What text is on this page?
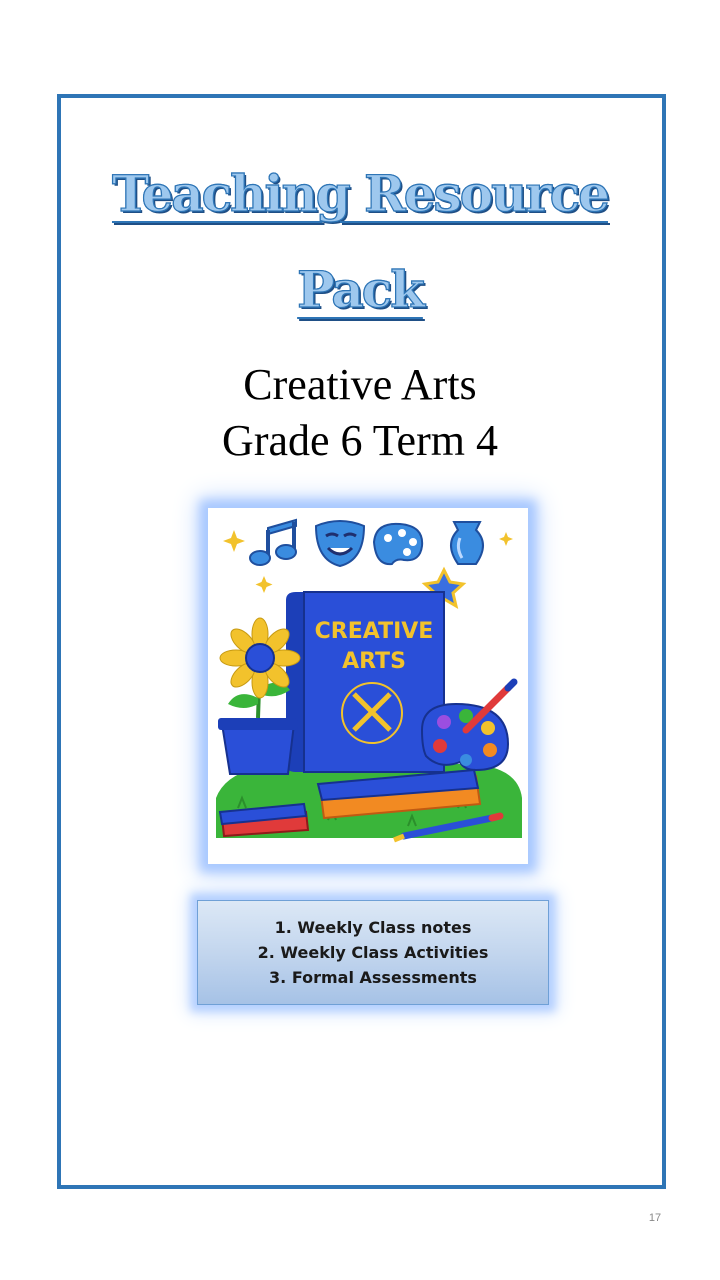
Teaching Resource
Pack
Creative Arts
Grade 6 Term 4
CREATIVE
ARTS
1. Weekly Class notes
2. Weekly Class Activities
3. Formal Assessments
17
